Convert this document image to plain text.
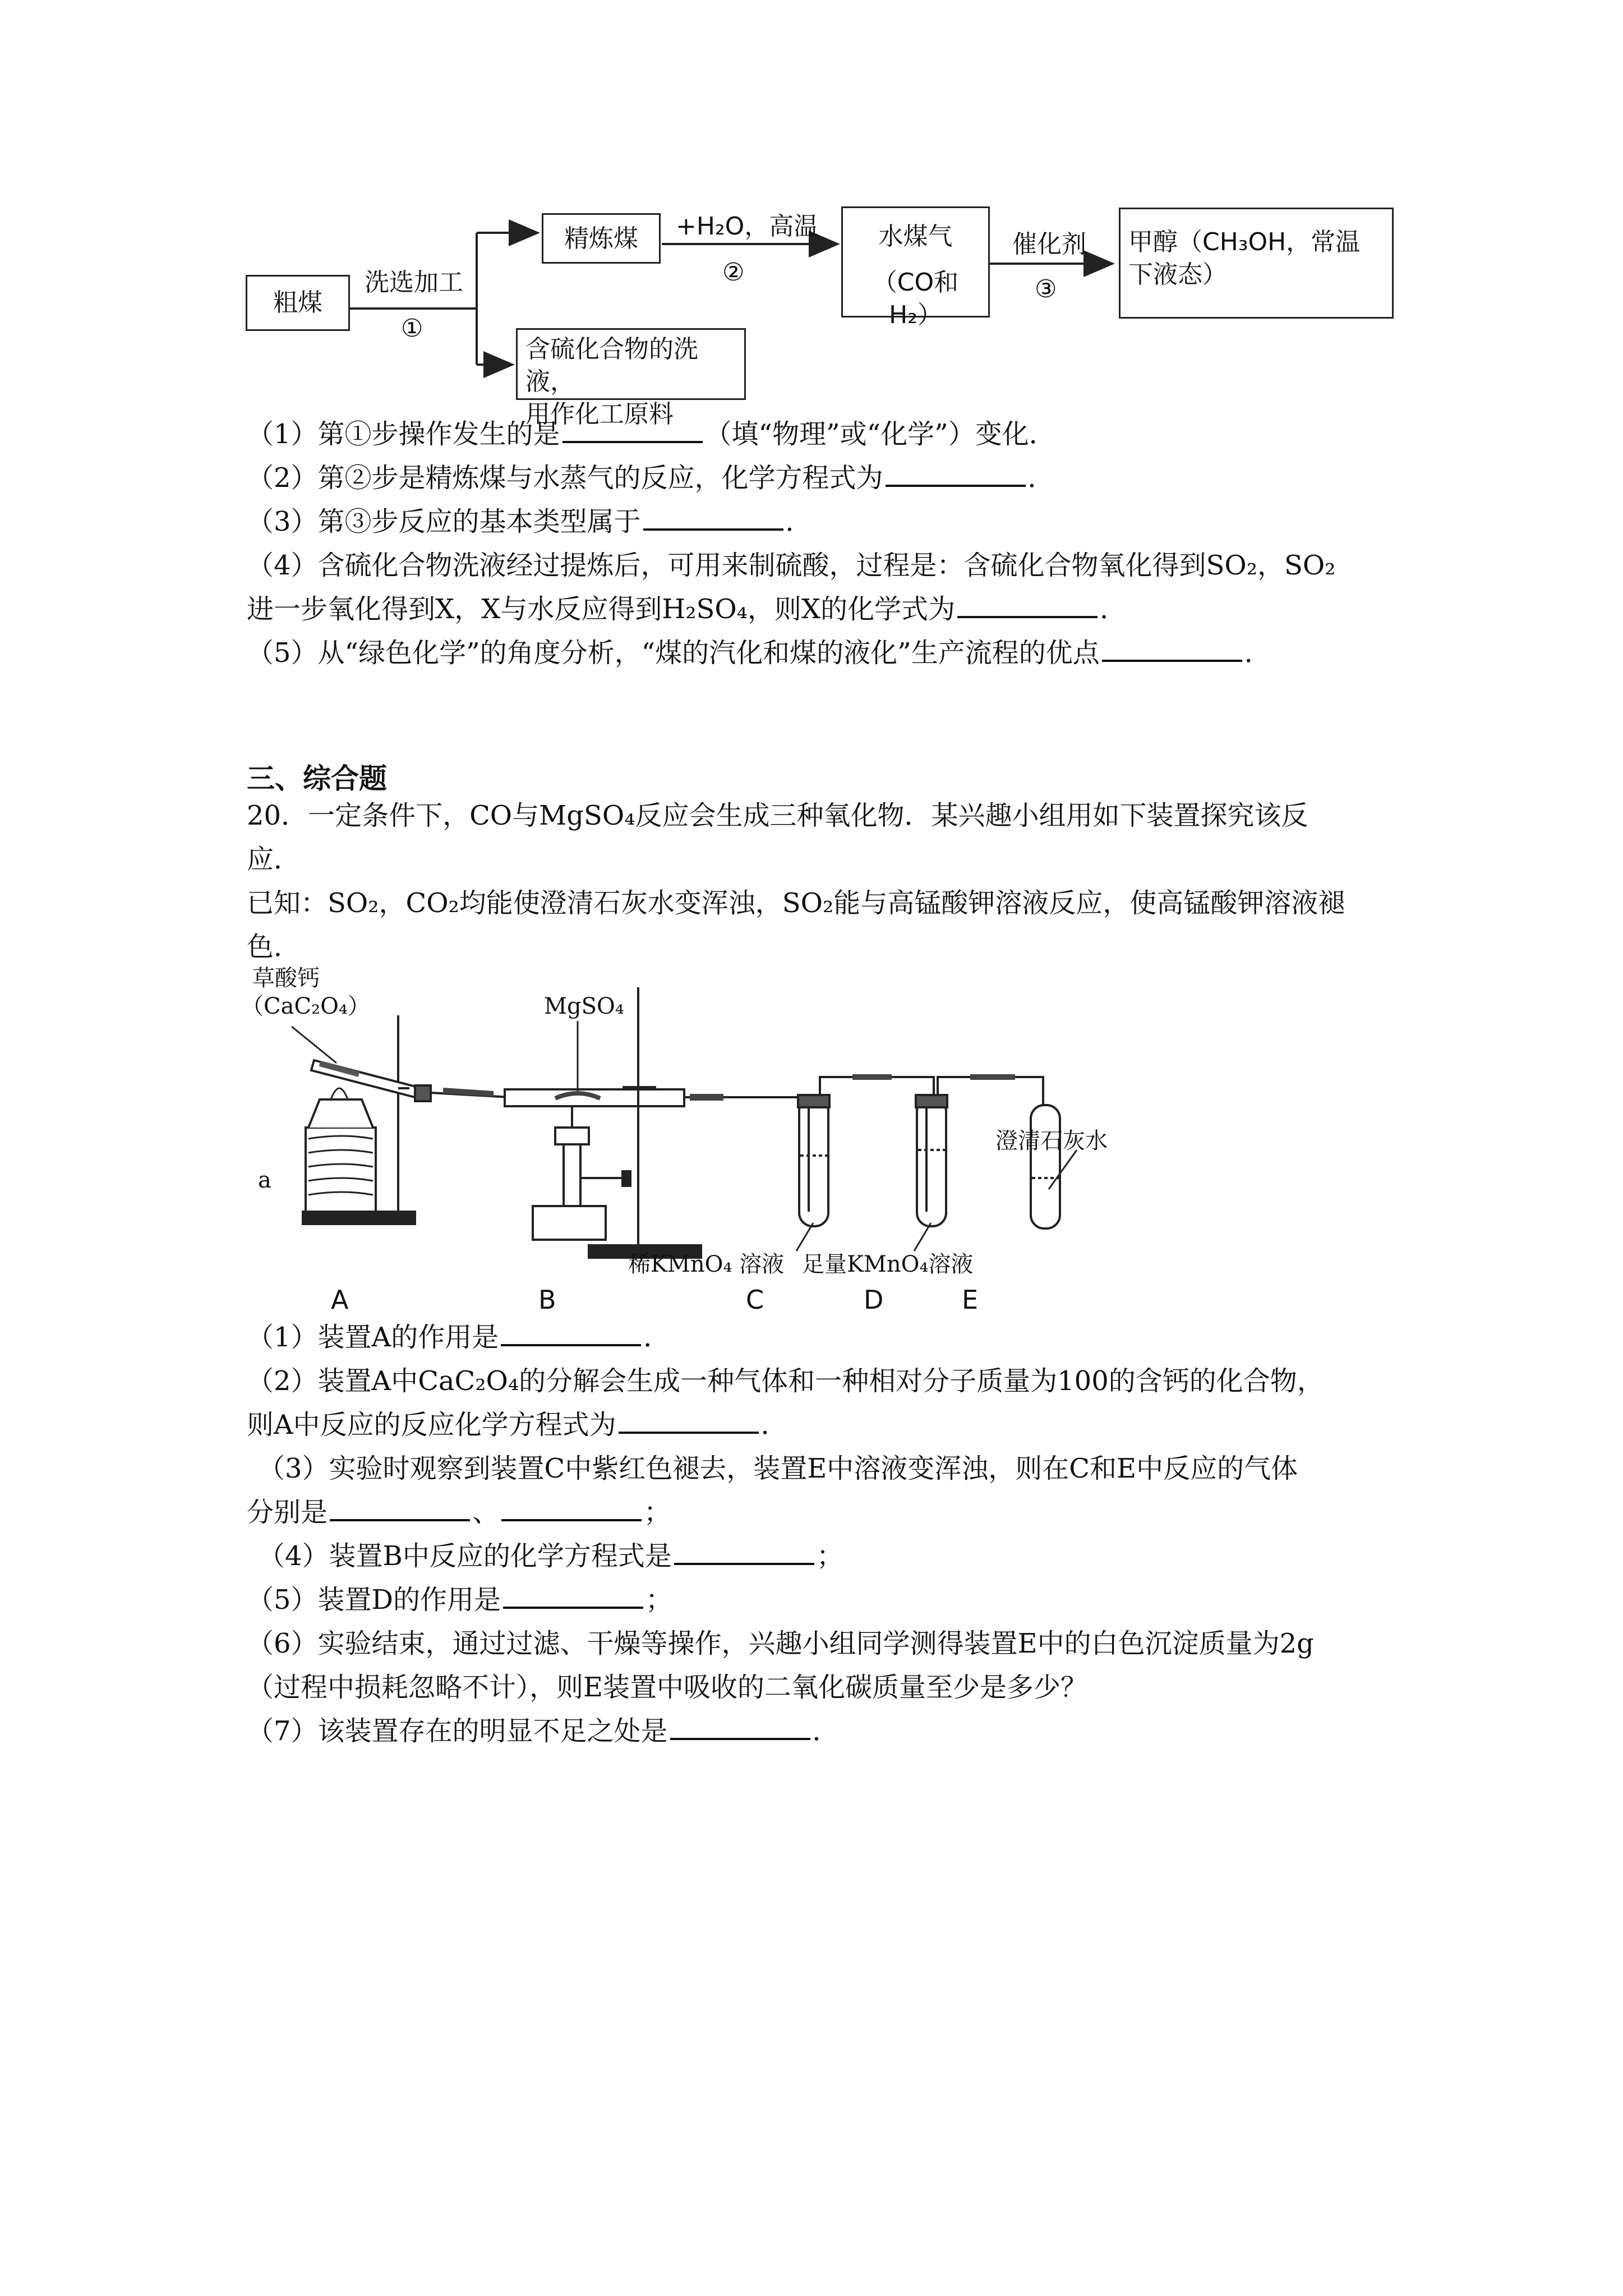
粗煤
洗选加工
①
精炼煤	+H₂O，高温
②
水煤气
（CO和 H₂）
催化剂
③
甲醇（CH₃OH，常温
下液态）
含硫化合物的洗液，
用作化工原料
（1）第①步操作发生的是	（填“物理”或“化学”）变化．
（2）第②步是精炼煤与水蒸气的反应，化学方程式为	．
（3）第③步反应的基本类型属于	．
（4）含硫化合物洗液经过提炼后，可用来制硫酸，过程是：含硫化合物氧化得到SO₂，SO₂
进一步氧化得到X，X与水反应得到H₂SO₄，则X的化学式为	．
（5）从“绿色化学”的角度分析，“煤的汽化和煤的液化”生产流程的优点	．
三、综合题
20．一定条件下，CO与MgSO₄反应会生成三种氧化物．某兴趣小组用如下装置探究该反
应．
已知：SO₂，CO₂均能使澄清石灰水变浑浊，SO₂能与高锰酸钾溶液反应，使高锰酸钾溶液褪
色．
草酸钙
（CaC₂O₄）	MgSO₄
a
澄清石灰水
稀KMnO₄ 溶液 足量KMnO₄溶液
A	B	C	D	E
（1）装置A的作用是	．
（2）装置A中CaC₂O₄的分解会生成一种气体和一种相对分子质量为100的含钙的化合物，
则A中反应的反应化学方程式为	．
（3）实验时观察到装置C中紫红色褪去，装置E中溶液变浑浊，则在C和E中反应的气体
分别是	、	；
（4）装置B中反应的化学方程式是	；
（5）装置D的作用是	；
（6）实验结束，通过过滤、干燥等操作，兴趣小组同学测得装置E中的白色沉淀质量为2g
（过程中损耗忽略不计），则E装置中吸收的二氧化碳质量至少是多少？
（7）该装置存在的明显不足之处是	．
